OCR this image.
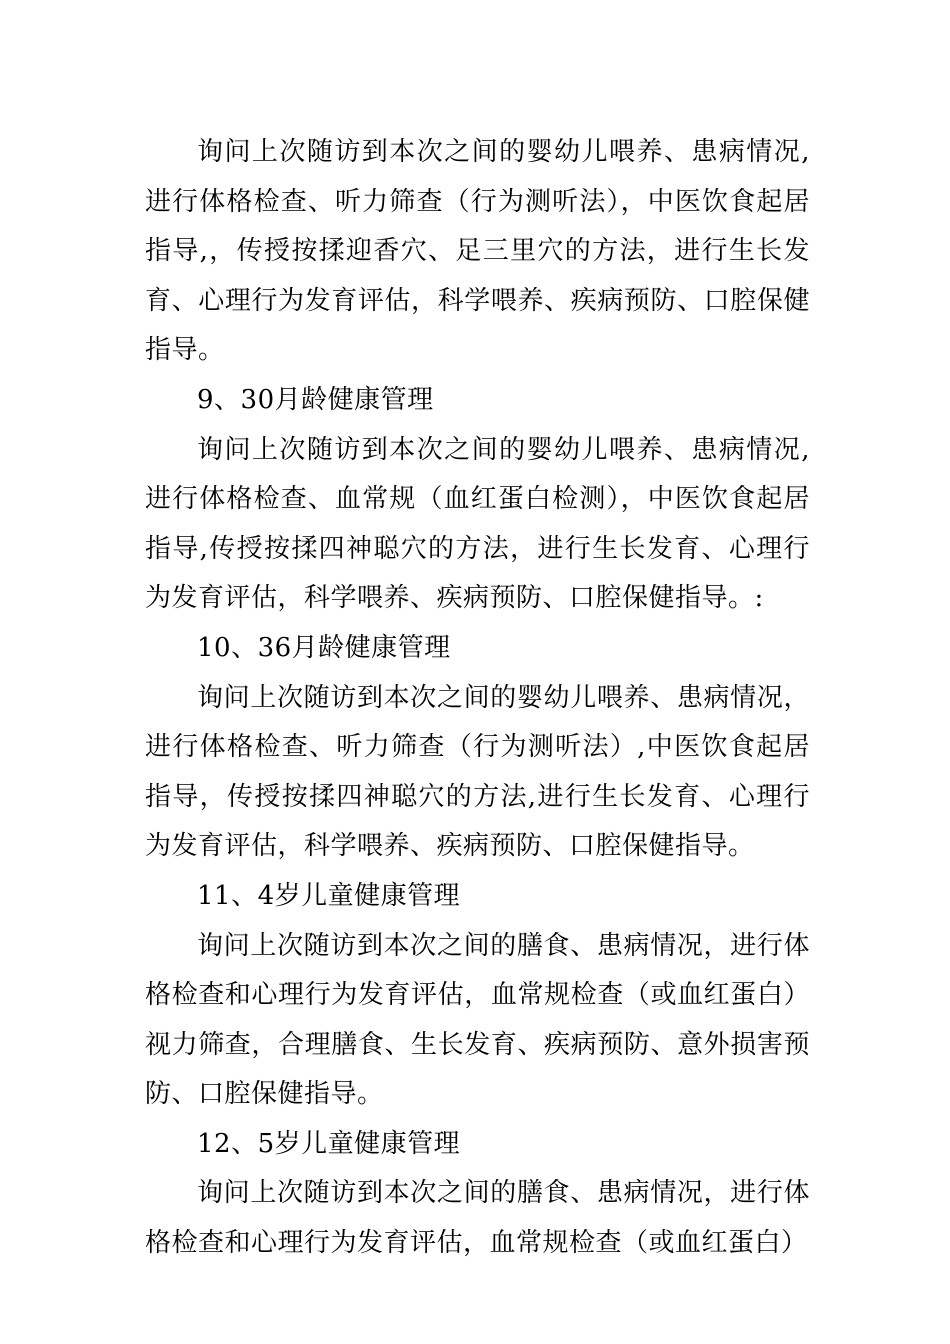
询问上次随访到本次之间的婴幼儿喂养、患病情况,进行体格检查、听力筛查（行为测听法），中医饮食起居指导,，传授按揉迎香穴、足三里穴的方法，进行生长发育、心理行为发育评估，科学喂养、疾病预防、口腔保健指导。

9、30月龄健康管理

询问上次随访到本次之间的婴幼儿喂养、患病情况,进行体格检查、血常规（血红蛋白检测），中医饮食起居指导,传授按揉四神聪穴的方法，进行生长发育、心理行为发育评估，科学喂养、疾病预防、口腔保健指导。:

10、36月龄健康管理

询问上次随访到本次之间的婴幼儿喂养、患病情况，进行体格检查、听力筛查（行为测听法）,中医饮食起居指导，传授按揉四神聪穴的方法,进行生长发育、心理行为发育评估，科学喂养、疾病预防、口腔保健指导。

11、4岁儿童健康管理

询问上次随访到本次之间的膳食、患病情况，进行体格检查和心理行为发育评估，血常规检查（或血红蛋白）视力筛查，合理膳食、生长发育、疾病预防、意外损害预防、口腔保健指导。

12、5岁儿童健康管理

询问上次随访到本次之间的膳食、患病情况，进行体格检查和心理行为发育评估，血常规检查（或血红蛋白）
